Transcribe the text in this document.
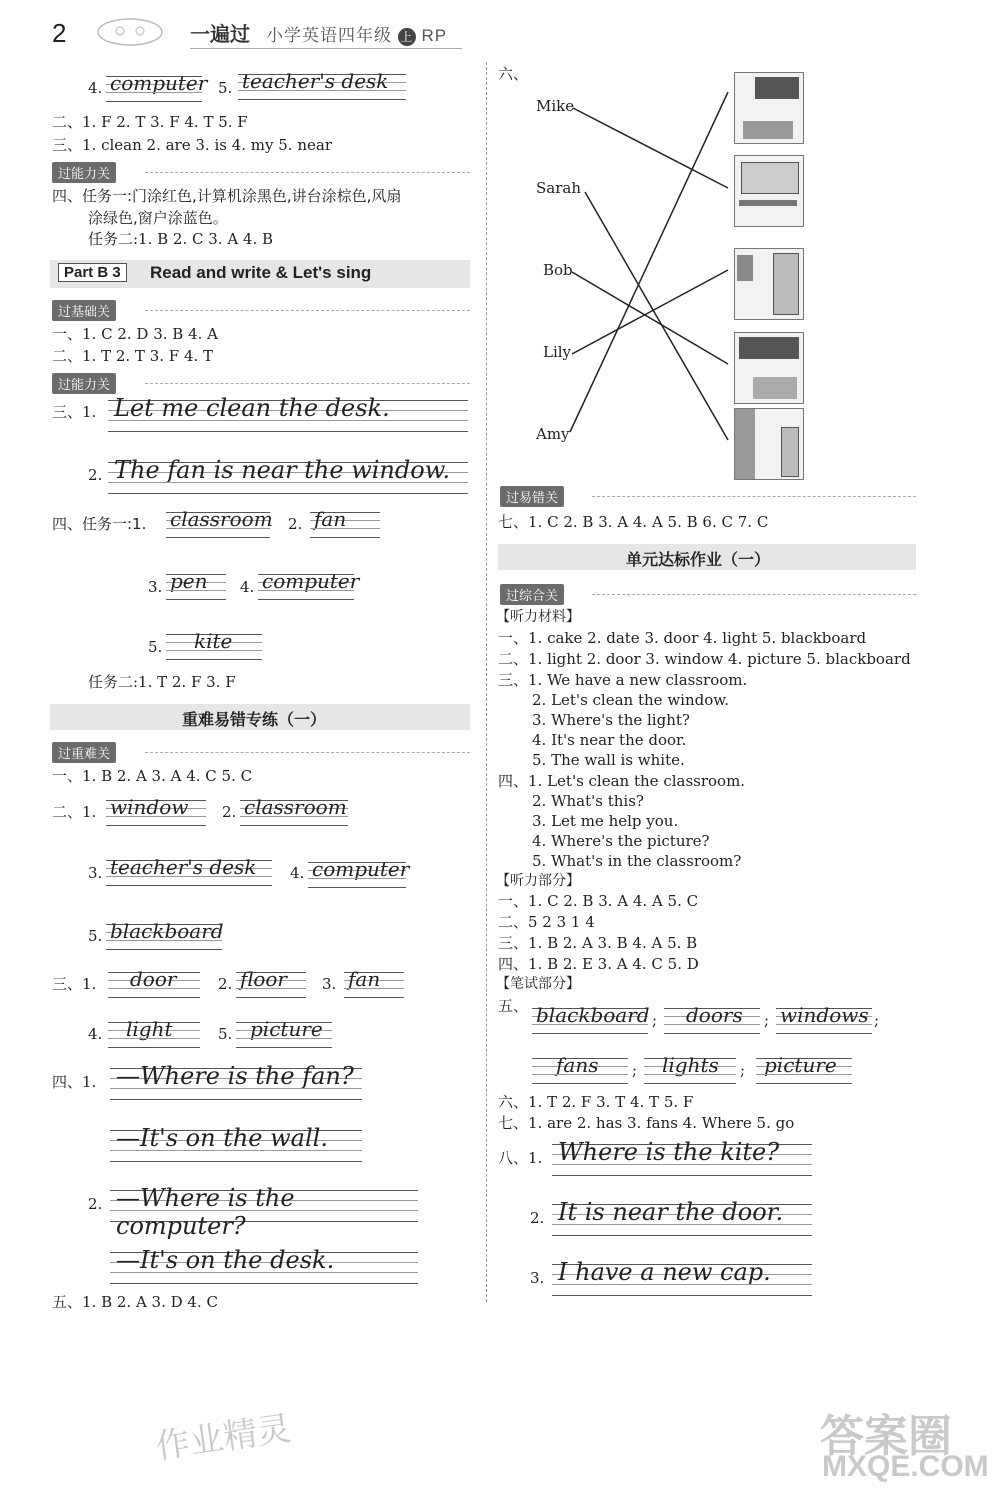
2	一遍过 小学英语四年级 上 RP
4. computer 5. teacher's desk
二、1. F 2. T 3. F 4. T 5. F
三、1. clean 2. are 3. is 4. my 5. near
过能力关
四、任务一:门涂红色,计算机涂黑色,讲台涂棕色,风扇
涂绿色,窗户涂蓝色。
任务二:1. B 2. C 3. A 4. B
Part B 3	Read and write & Let's sing
过基础关
一、1. C 2. D 3. B 4. A
二、1. T 2. T 3. F 4. T
过能力关
三、1. Let me clean the desk.
2. The fan is near the window.
四、任务一:1. classroom 2. fan
3. pen 4. computer
5. kite
任务二:1. T 2. F 3. F
重难易错专练（一）
过重难关
一、1. B 2. A 3. A 4. C 5. C
二、1. window 2. classroom
3. teacher's desk 4. computer
5. blackboard
三、1. door	2. floor 3. fan
4. light	5. picture
四、1. —Where is the fan?
—It's on the wall.
2. —Where is the computer?
—It's on the desk.
五、1. B 2. A 3. D 4. C
六、
Mike
Sarah
Bob
Lily
Amy
过易错关
七、1. C 2. B 3. A 4. A 5. B 6. C 7. C
单元达标作业（一）
过综合关
【听力材料】
一、1. cake 2. date 3. door 4. light 5. blackboard
二、1. light 2. door 3. window 4. picture 5. blackboard
三、1. We have a new classroom.
2. Let's clean the window.
3. Where's the light?
4. It's near the door.
5. The wall is white.
四、1. Let's clean the classroom.
2. What's this?
3. Let me help you.
4. Where's the picture?
5. What's in the classroom?
【听力部分】
一、1. C 2. B 3. A 4. A 5. C
二、5 2 3 1 4
三、1. B 2. A 3. B 4. A 5. B
四、1. B 2. E 3. A 4. C 5. D
【笔试部分】
五、 blackboard ; doors ; windows ;
fans ; lights ; picture
六、1. T 2. F 3. T 4. T 5. F
七、1. are 2. has 3. fans 4. Where 5. go
八、1. Where is the kite?
2. It is near the door.
3. I have a new cap.
作业精灵	答案圈
MXQE.COM
